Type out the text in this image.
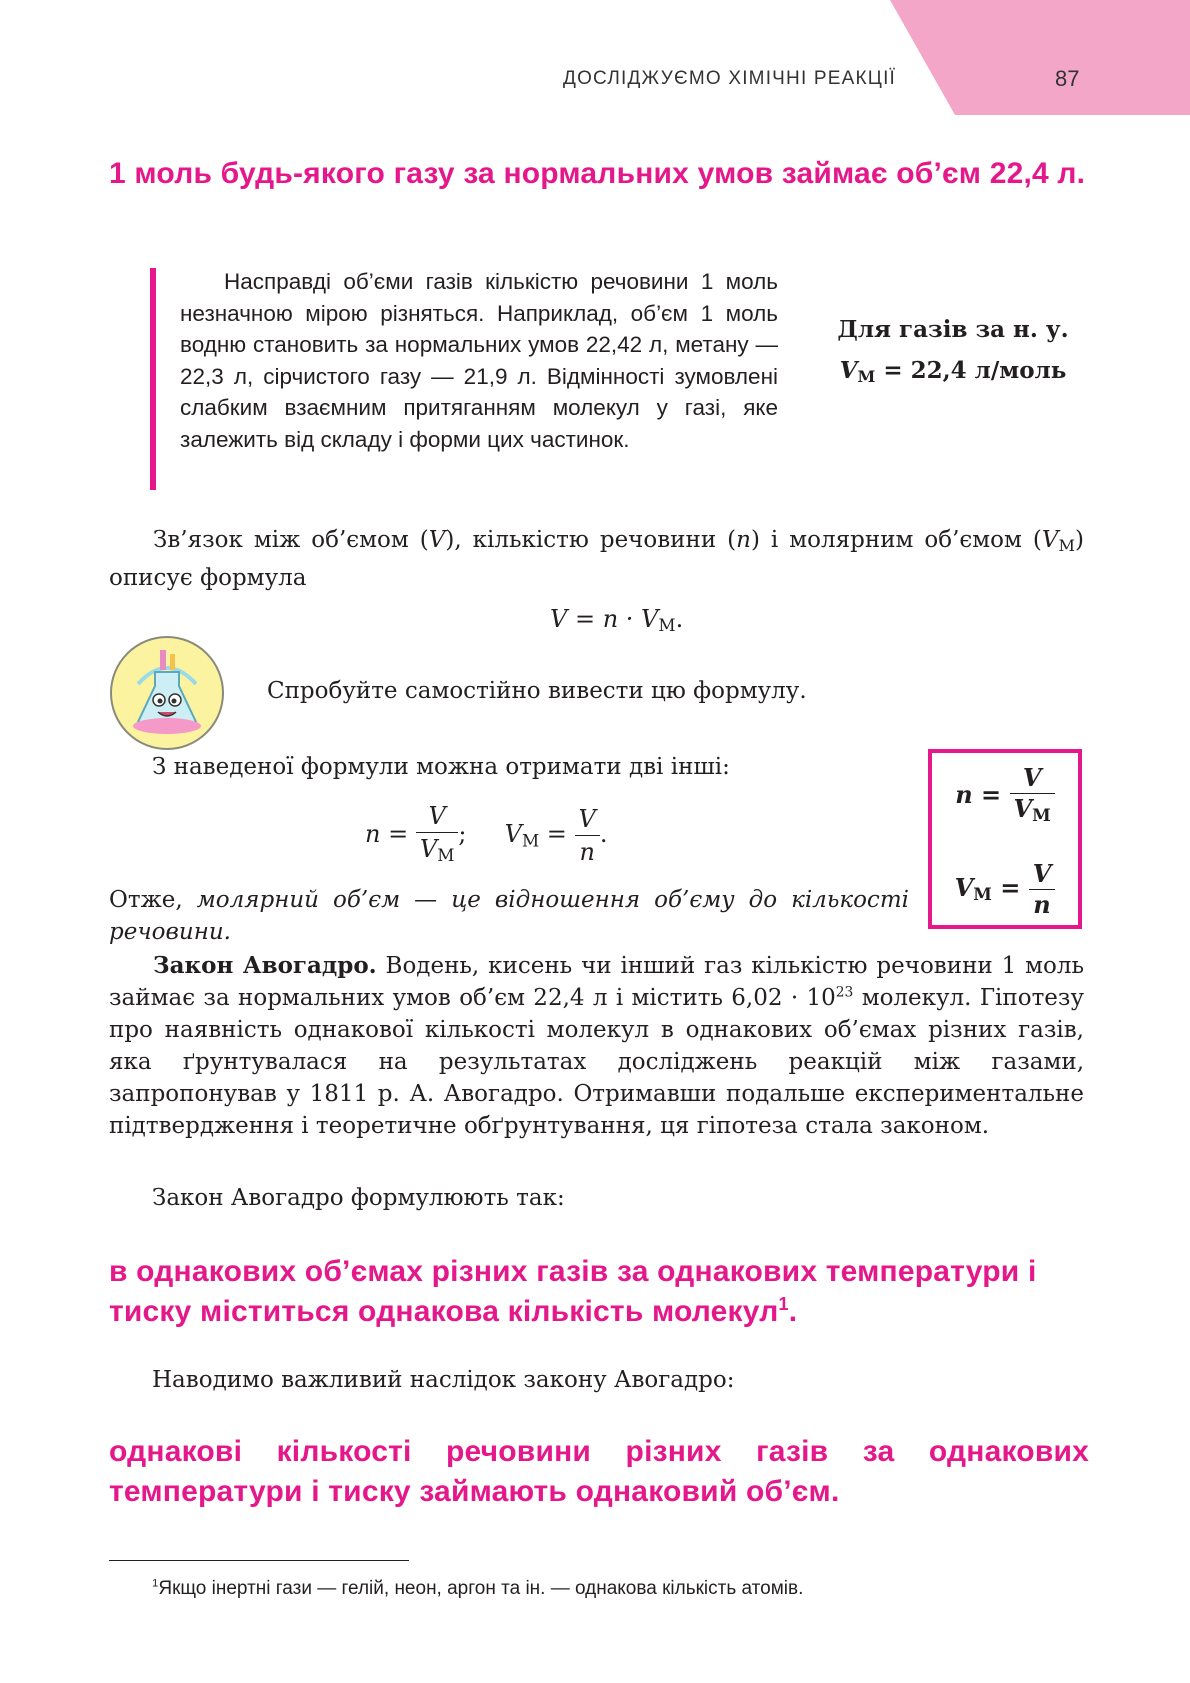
ДОСЛІДЖУЄМО ХІМІЧНІ РЕАКЦІЇ	87
1 моль будь-якого газу за нормальних умов займає об’єм 22,4 л.
Насправді об’єми газів кількістю речовини 1 моль незначною мірою різняться. Наприклад, об’єм 1 моль водню становить за нормальних умов 22,42 л, метану — 22,3 л, сірчистого газу — 21,9 л. Відмінності зумовлені слабким взаємним притяганням молекул у газі, яке залежить від складу і форми цих частинок.
Для газів за н. у.
$V_М = 22,4$ л/моль
Зв’язок між об’ємом (V), кількістю речовини (n) і молярним об’ємом $(V_М)$ описує формула
$V = n \cdot V_М$.
Спробуйте самостійно вивести цю формулу.
З наведеної формули можна отримати дві інші:
$n = \frac{V}{V_М}$ ; $V_М = \frac{V}{n}$ .
$n = \frac{V}{V_М}$
$V_М = \frac{V}{n}$
Отже, молярний об’єм — це відношення об’єму до кількості речовини.
Закон Авогадро. Водень, кисень чи інший газ кількістю речовини 1 моль займає за нормальних умов об’єм 22,4 л і містить $6,02 \cdot 10^{23}$ молекул. Гіпотезу про наявність однакової кількості молекул в однакових об’ємах різних газів, яка ґрунтувалася на результатах досліджень реакцій між газами, запропонував у 1811 р. А. Авогадро. Отримавши подальше експериментальне підтвердження і теоретичне обґрунтування, ця гіпотеза стала законом.
Закон Авогадро формулюють так:
в однакових об’ємах різних газів за однакових температури і тиску міститься однакова кількість молекул$^1$.
Наводимо важливий наслідок закону Авогадро:
однакові кількості речовини різних газів за однакових температури і тиску займають однаковий об’єм.
$^1$Якщо інертні гази — гелій, неон, аргон та ін. — однакова кількість атомів.
